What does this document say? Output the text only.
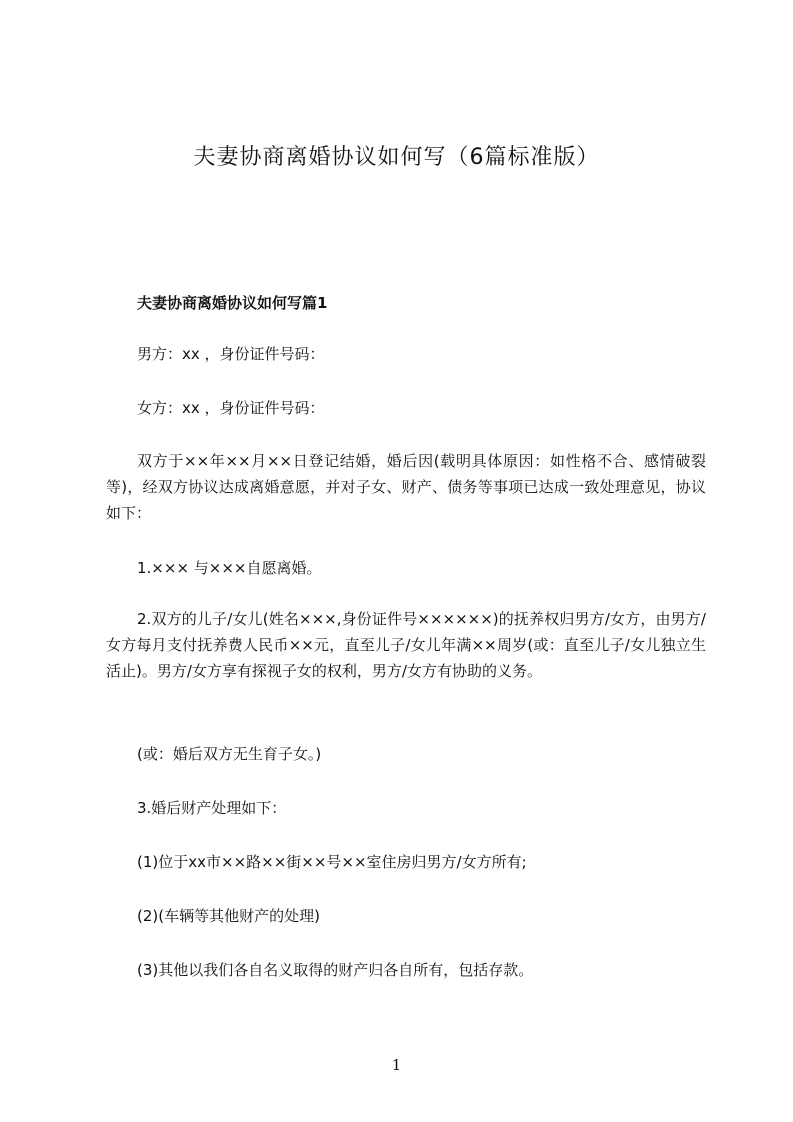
夫妻协商离婚协议如何写（6篇标准版）
夫妻协商离婚协议如何写篇1
男方：xx ，身份证件号码：
女方：xx ，身份证件号码：
双方于××年××月××日登记结婚，婚后因(载明具体原因：如性格不合、感情破裂等)，经双方协议达成离婚意愿，并对子女、财产、债务等事项已达成一致处理意见，协议如下：
1.××× 与×××自愿离婚。
2.双方的儿子/女儿(姓名×××,身份证件号××××××)的抚养权归男方/女方，由男方/女方每月支付抚养费人民币××元，直至儿子/女儿年满××周岁(或：直至儿子/女儿独立生活止)。男方/女方享有探视子女的权利，男方/女方有协助的义务。
(或：婚后双方无生育子女。)
3.婚后财产处理如下：
(1)位于xx市××路××街××号××室住房归男方/女方所有;
(2)(车辆等其他财产的处理)
(3)其他以我们各自名义取得的财产归各自所有，包括存款。
1
